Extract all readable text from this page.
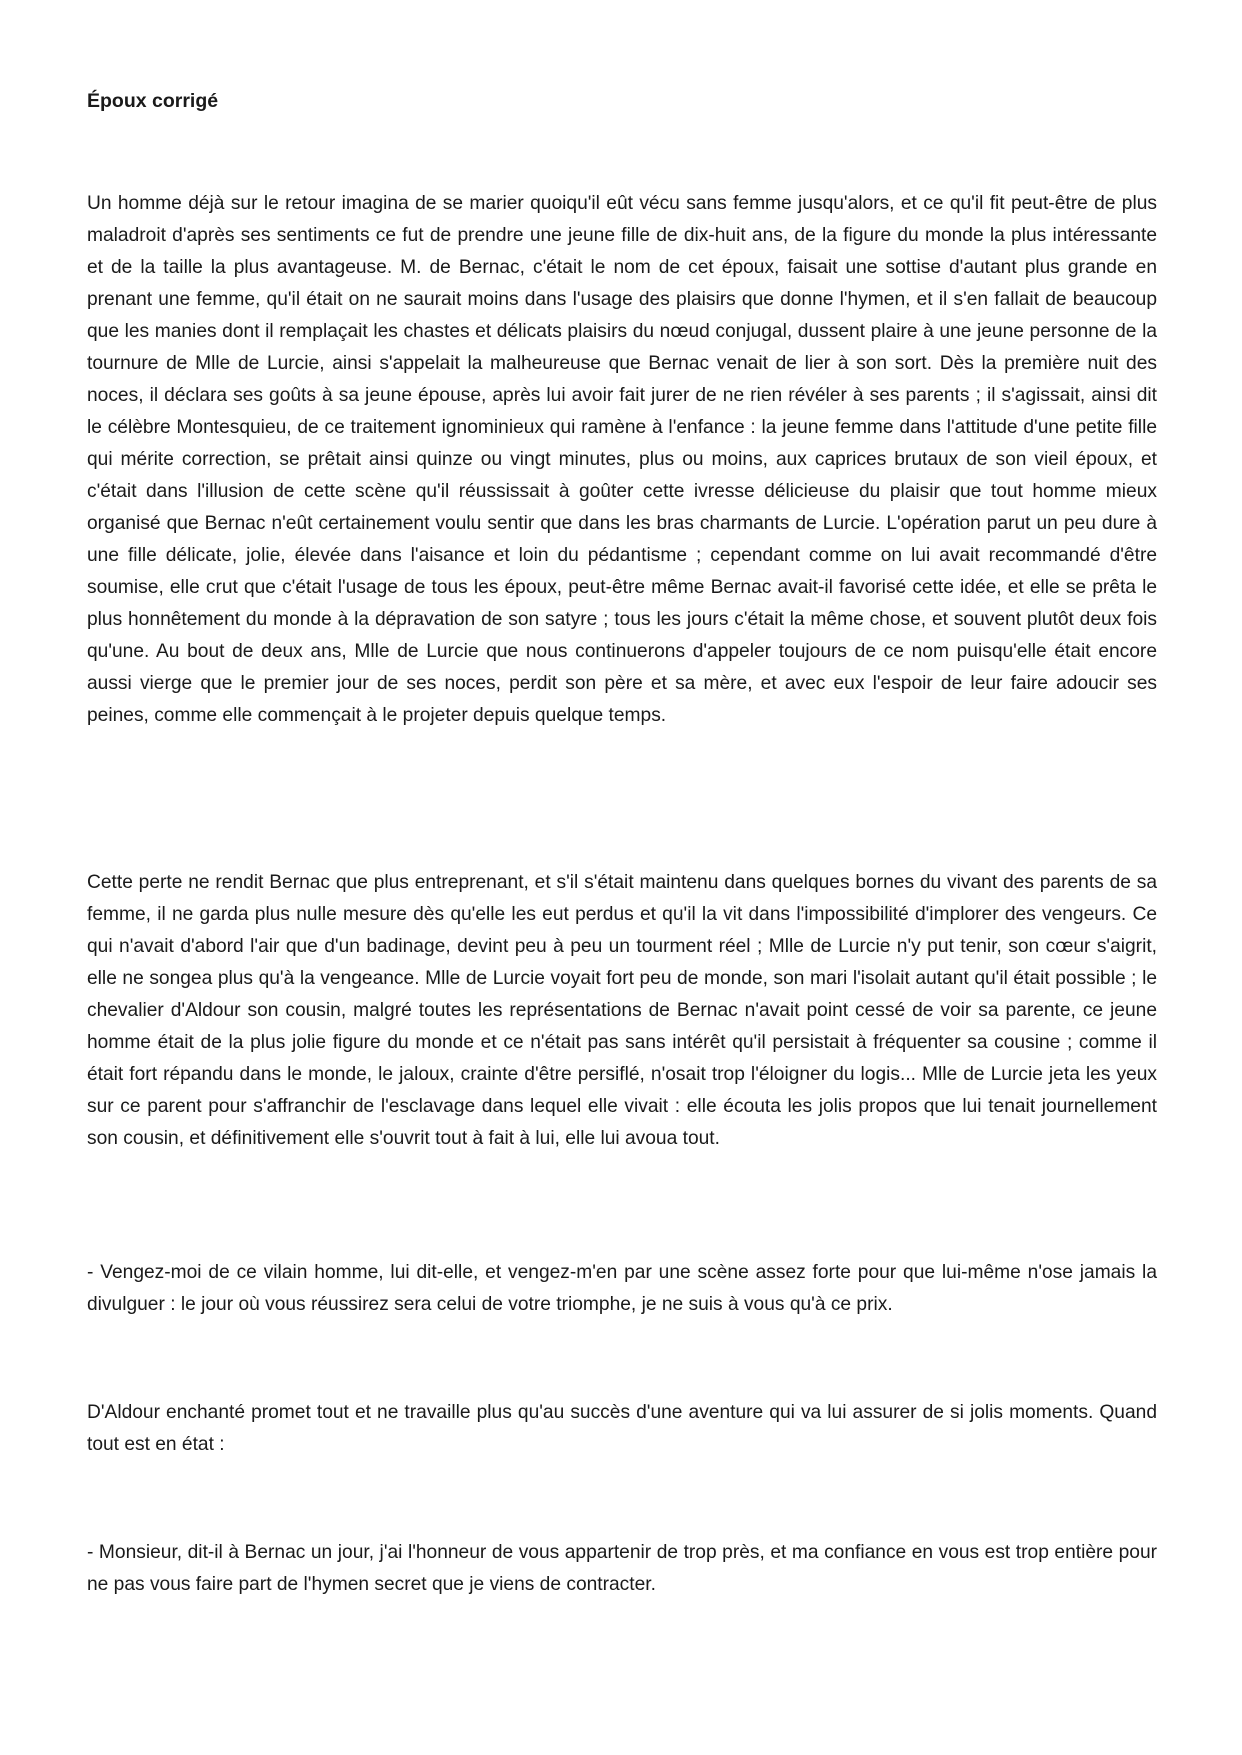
Époux corrigé

Un homme déjà sur le retour imagina de se marier quoiqu'il eût vécu sans femme jusqu'alors, et ce qu'il fit peut-être de plus maladroit d'après ses sentiments ce fut de prendre une jeune fille de dix-huit ans, de la figure du monde la plus intéressante et de la taille la plus avantageuse. M. de Bernac, c'était le nom de cet époux, faisait une sottise d'autant plus grande en prenant une femme, qu'il était on ne saurait moins dans l'usage des plaisirs que donne l'hymen, et il s'en fallait de beaucoup que les manies dont il remplaçait les chastes et délicats plaisirs du nœud conjugal, dussent plaire à une jeune personne de la tournure de Mlle de Lurcie, ainsi s'appelait la malheureuse que Bernac venait de lier à son sort. Dès la première nuit des noces, il déclara ses goûts à sa jeune épouse, après lui avoir fait jurer de ne rien révéler à ses parents ; il s'agissait, ainsi dit le célèbre Montesquieu, de ce traitement ignominieux qui ramène à l'enfance : la jeune femme dans l'attitude d'une petite fille qui mérite correction, se prêtait ainsi quinze ou vingt minutes, plus ou moins, aux caprices brutaux de son vieil époux, et c'était dans l'illusion de cette scène qu'il réussissait à goûter cette ivresse délicieuse du plaisir que tout homme mieux organisé que Bernac n'eût certainement voulu sentir que dans les bras charmants de Lurcie. L'opération parut un peu dure à une fille délicate, jolie, élevée dans l'aisance et loin du pédantisme ; cependant comme on lui avait recommandé d'être soumise, elle crut que c'était l'usage de tous les époux, peut-être même Bernac avait-il favorisé cette idée, et elle se prêta le plus honnêtement du monde à la dépravation de son satyre ; tous les jours c'était la même chose, et souvent plutôt deux fois qu'une. Au bout de deux ans, Mlle de Lurcie que nous continuerons d'appeler toujours de ce nom puisqu'elle était encore aussi vierge que le premier jour de ses noces, perdit son père et sa mère, et avec eux l'espoir de leur faire adoucir ses peines, comme elle commençait à le projeter depuis quelque temps.

Cette perte ne rendit Bernac que plus entreprenant, et s'il s'était maintenu dans quelques bornes du vivant des parents de sa femme, il ne garda plus nulle mesure dès qu'elle les eut perdus et qu'il la vit dans l'impossibilité d'implorer des vengeurs. Ce qui n'avait d'abord l'air que d'un badinage, devint peu à peu un tourment réel ; Mlle de Lurcie n'y put tenir, son cœur s'aigrit, elle ne songea plus qu'à la vengeance. Mlle de Lurcie voyait fort peu de monde, son mari l'isolait autant qu'il était possible ; le chevalier d'Aldour son cousin, malgré toutes les représentations de Bernac n'avait point cessé de voir sa parente, ce jeune homme était de la plus jolie figure du monde et ce n'était pas sans intérêt qu'il persistait à fréquenter sa cousine ; comme il était fort répandu dans le monde, le jaloux, crainte d'être persiflé, n'osait trop l'éloigner du logis... Mlle de Lurcie jeta les yeux sur ce parent pour s'affranchir de l'esclavage dans lequel elle vivait : elle écouta les jolis propos que lui tenait journellement son cousin, et définitivement elle s'ouvrit tout à fait à lui, elle lui avoua tout.

- Vengez-moi de ce vilain homme, lui dit-elle, et vengez-m'en par une scène assez forte pour que lui-même n'ose jamais la divulguer : le jour où vous réussirez sera celui de votre triomphe, je ne suis à vous qu'à ce prix.

D'Aldour enchanté promet tout et ne travaille plus qu'au succès d'une aventure qui va lui assurer de si jolis moments. Quand tout est en état :

- Monsieur, dit-il à Bernac un jour, j'ai l'honneur de vous appartenir de trop près, et ma confiance en vous est trop entière pour ne pas vous faire part de l'hymen secret que je viens de contracter.
